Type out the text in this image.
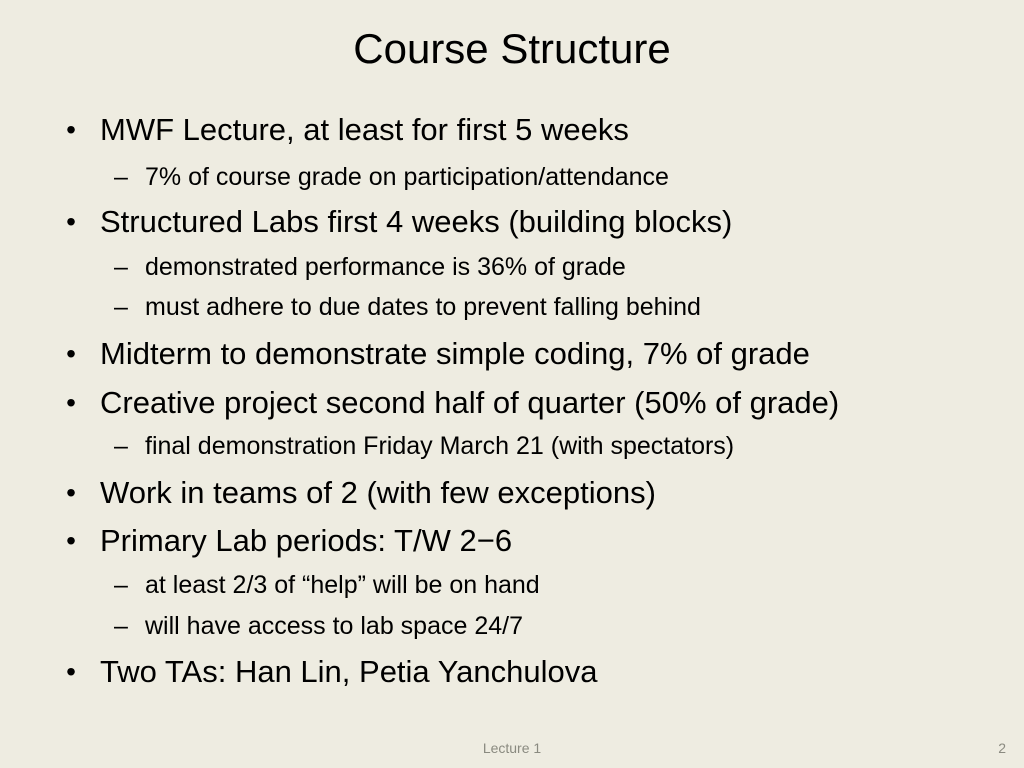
Course Structure
• MWF Lecture, at least for first 5 weeks
– 7% of course grade on participation/attendance
• Structured Labs first 4 weeks (building blocks)
– demonstrated performance is 36% of grade
– must adhere to due dates to prevent falling behind
• Midterm to demonstrate simple coding, 7% of grade
• Creative project second half of quarter (50% of grade)
– final demonstration Friday March 21 (with spectators)
• Work in teams of 2 (with few exceptions)
• Primary Lab periods: T/W 2−6
– at least 2/3 of “help” will be on hand
– will have access to lab space 24/7
• Two TAs: Han Lin, Petia Yanchulova
Lecture 1	2
